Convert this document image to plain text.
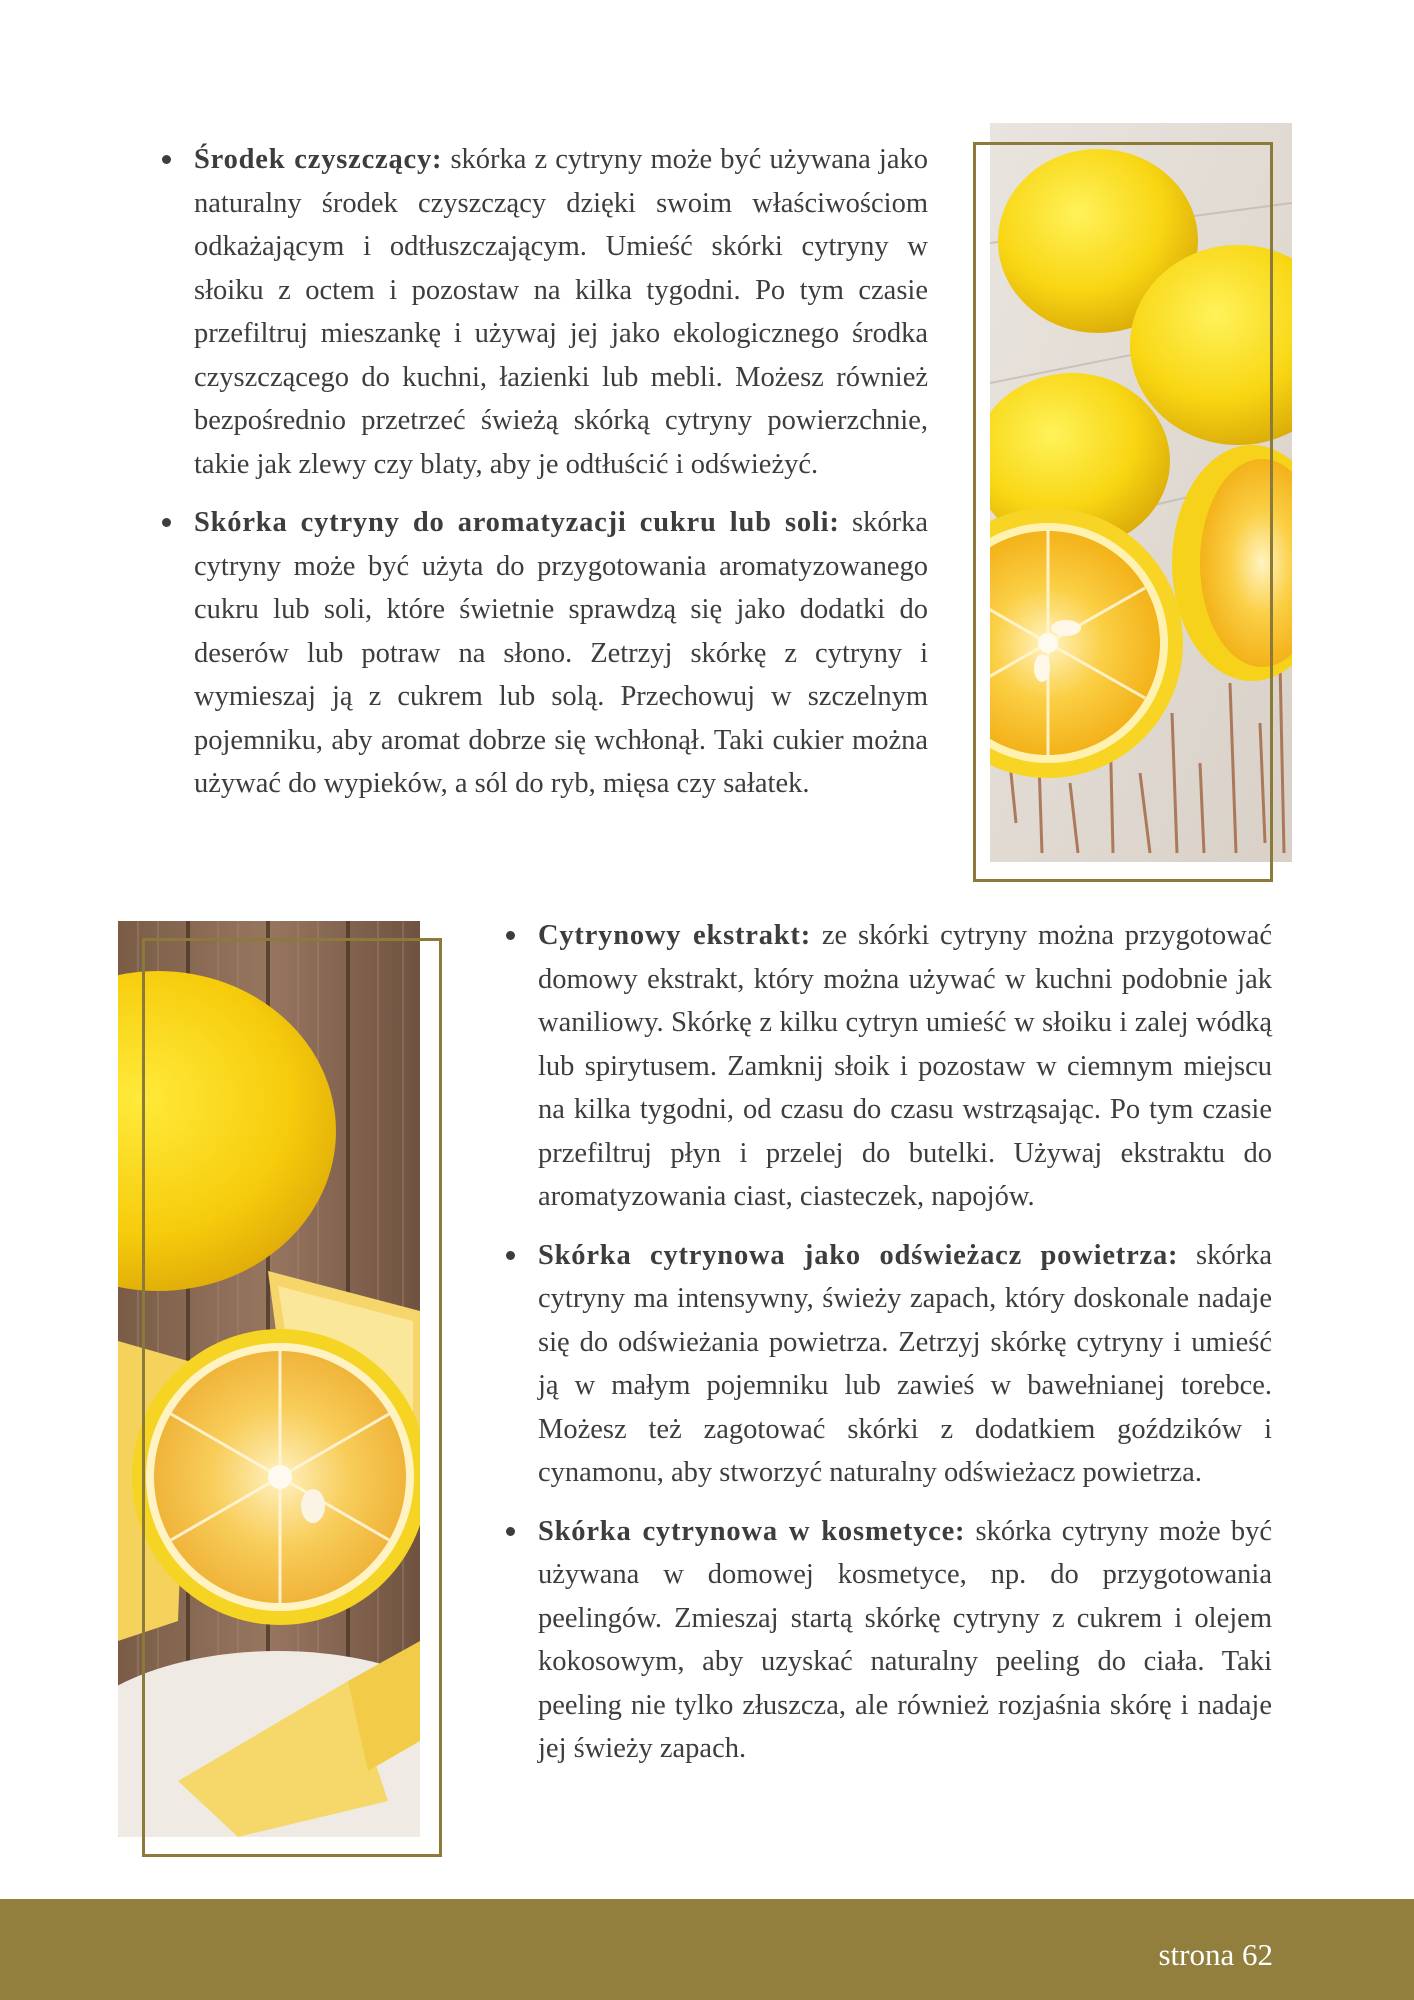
Środek czyszczący: skórka z cytryny może być używana jako naturalny środek czyszczący dzięki swoim właściwościom odkażającym i odtłuszczającym. Umieść skórki cytryny w słoiku z octem i pozostaw na kilka tygodni. Po tym czasie przefiltruj mieszankę i używaj jej jako ekologicznego środka czyszczącego do kuchni, łazienki lub mebli. Możesz również bezpośrednio przetrzeć świeżą skórką cytryny powierzchnie, takie jak zlewy czy blaty, aby je odtłuścić i odświeżyć.
Skórka cytryny do aromatyzacji cukru lub soli: skórka cytryny może być użyta do przygotowania aromatyzowanego cukru lub soli, które świetnie sprawdzą się jako dodatki do deserów lub potraw na słono. Zetrzyj skórkę z cytryny i wymieszaj ją z cukrem lub solą. Przechowuj w szczelnym pojemniku, aby aromat dobrze się wchłonął. Taki cukier można używać do wypieków, a sól do ryb, mięsa czy sałatek.
Cytrynowy ekstrakt: ze skórki cytryny można przygotować domowy ekstrakt, który można używać w kuchni podobnie jak waniliowy. Skórkę z kilku cytryn umieść w słoiku i zalej wódką lub spirytusem. Zamknij słoik i pozostaw w ciemnym miejscu na kilka tygodni, od czasu do czasu wstrząsając. Po tym czasie przefiltruj płyn i przelej do butelki. Używaj ekstraktu do aromatyzowania ciast, ciasteczek, napojów.
Skórka cytrynowa jako odświeżacz powietrza: skórka cytryny ma intensywny, świeży zapach, który doskonale nadaje się do odświeżania powietrza. Zetrzyj skórkę cytryny i umieść ją w małym pojemniku lub zawieś w bawełnianej torebce. Możesz też zagotować skórki z dodatkiem goździków i cynamonu, aby stworzyć naturalny odświeżacz powietrza.
Skórka cytrynowa w kosmetyce: skórka cytryny może być używana w domowej kosmetyce, np. do przygotowania peelingów. Zmieszaj startą skórkę cytryny z cukrem i olejem kokosowym, aby uzyskać naturalny peeling do ciała. Taki peeling nie tylko złuszcza, ale również rozjaśnia skórę i nadaje jej świeży zapach.
strona 62
